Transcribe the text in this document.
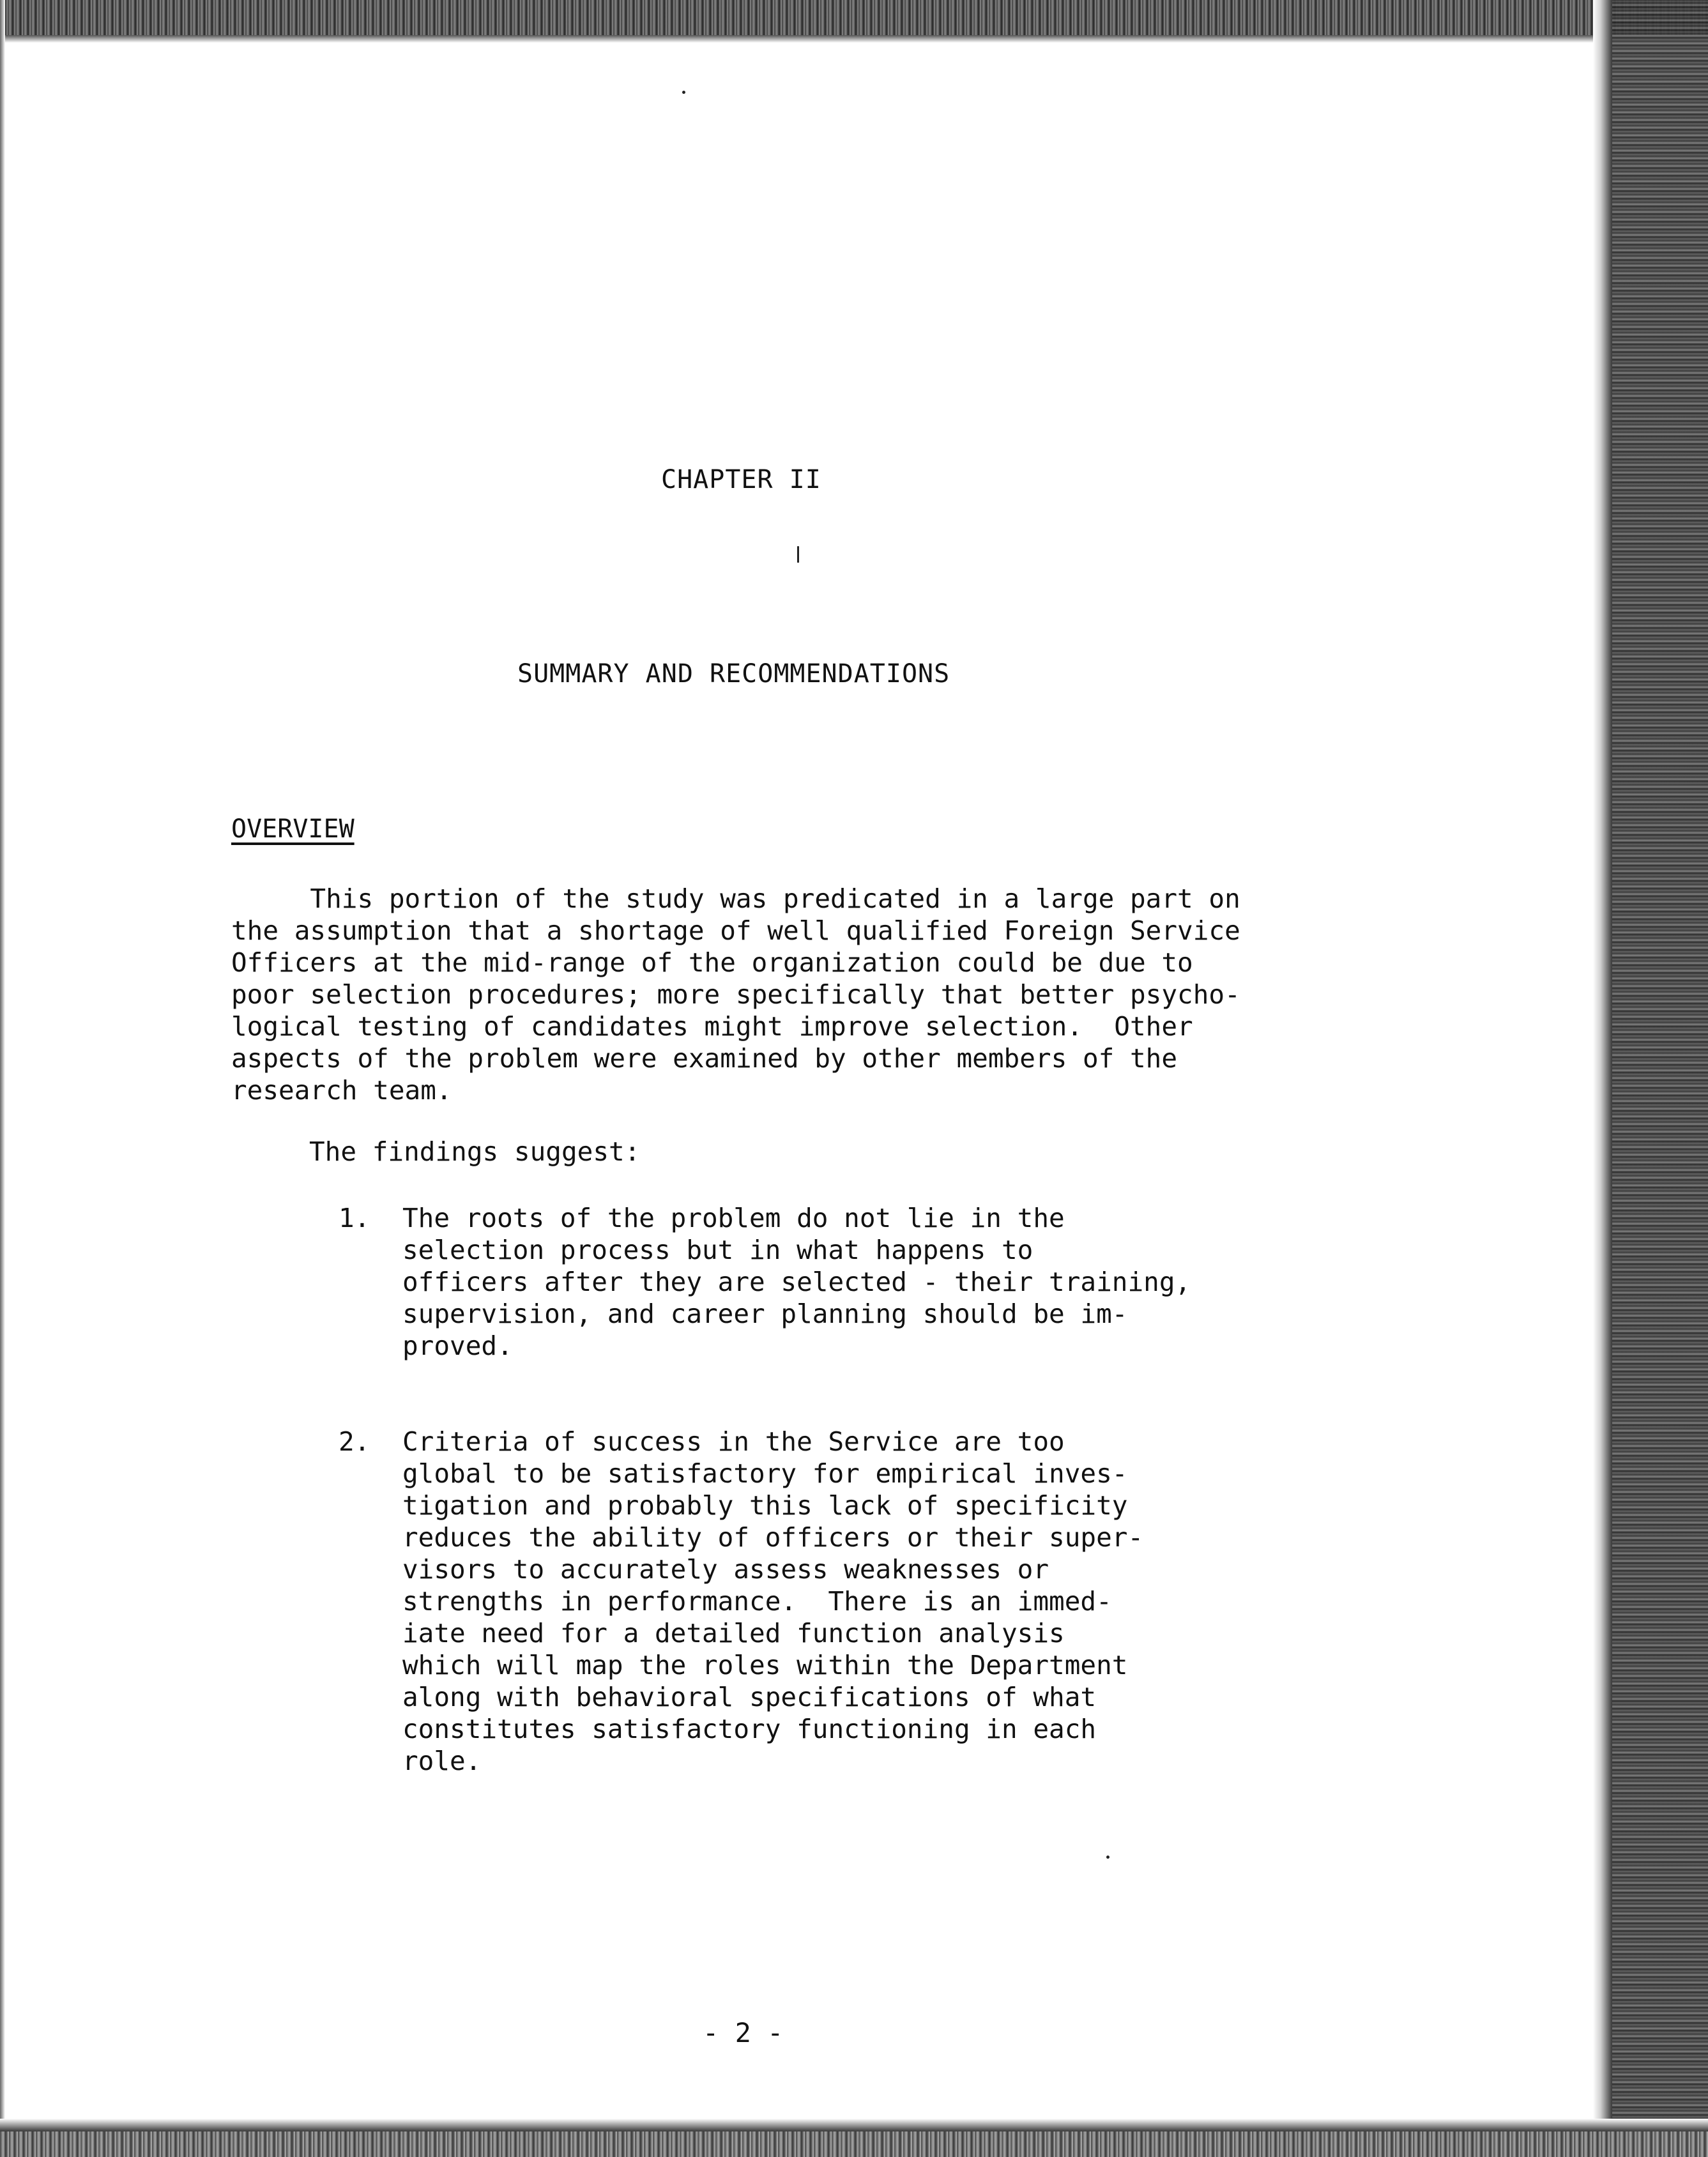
CHAPTER II
SUMMARY AND RECOMMENDATIONS
OVERVIEW

This portion of the study was predicated in a large part on
the assumption that a shortage of well qualified Foreign Service
Officers at the mid-range of the organization could be due to
poor selection procedures; more specifically that better psycho-
logical testing of candidates might improve selection.  Other
aspects of the problem were examined by other members of the
research team.

The findings suggest:

1. The roots of the problem do not lie in the
selection process but in what happens to
officers after they are selected - their training,
supervision, and career planning should be im-
proved.

2. Criteria of success in the Service are too
global to be satisfactory for empirical inves-
tigation and probably this lack of specificity
reduces the ability of officers or their super-
visors to accurately assess weaknesses or
strengths in performance.  There is an immed-
iate need for a detailed function analysis
which will map the roles within the Department
along with behavioral specifications of what
constitutes satisfactory functioning in each
role.

- 2 -
